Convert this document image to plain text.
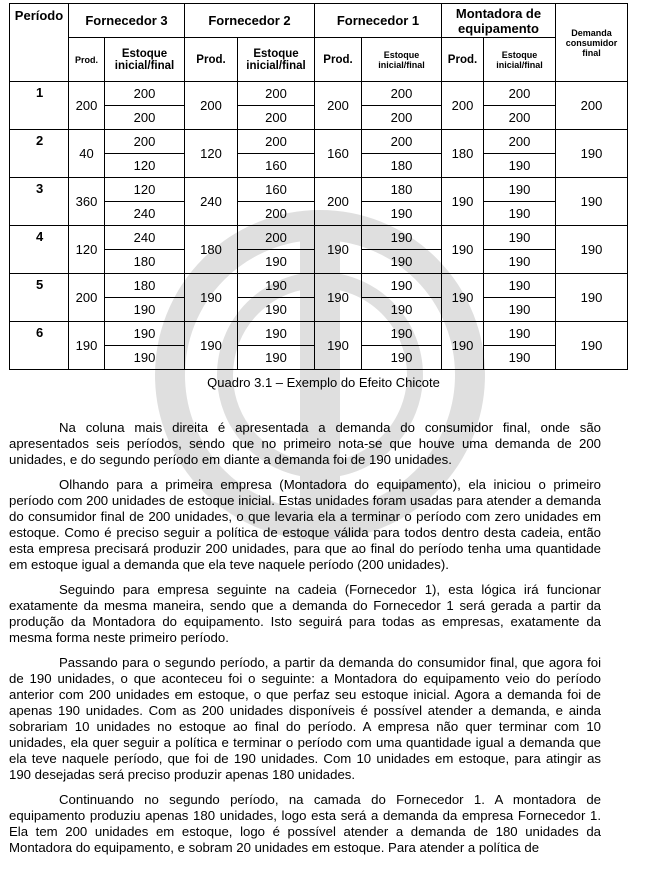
Período	Fornecedor 3		Fornecedor 2		Fornecedor 1		Montadora de equipamento		Demanda consumidor final
	Prod.	Estoque inicial/final	Prod.	Estoque inicial/final	Prod.	Estoque inicial/final	Prod.	Estoque inicial/final	
1	200	200	200	200	200	200	200	200	200
		200		200		200		200	
2	40	200	120	200	160	200	180	200	190
		120		160		180		190	
3	360	120	240	160	200	180	190	190	190
		240		200		190		190	
4	120	240	180	200	190	190	190	190	190
		180		190		190		190	
5	200	180	190	190	190	190	190	190	190
		190		190		190		190	
6	190	190	190	190	190	190	190	190	190
		190		190		190		190	
Quadro 3.1 – Exemplo do Efeito Chicote

Na coluna mais direita é apresentada a demanda do consumidor final, onde são apresentados seis períodos, sendo que no primeiro nota-se que houve uma demanda de 200 unidades, e do segundo período em diante a demanda foi de 190 unidades.

Olhando para a primeira empresa (Montadora do equipamento), ela iniciou o primeiro período com 200 unidades de estoque inicial. Estas unidades foram usadas para atender a demanda do consumidor final de 200 unidades, o que levaria ela a terminar o período com zero unidades em estoque. Como é preciso seguir a política de estoque válida para todos dentro desta cadeia, então esta empresa precisará produzir 200 unidades, para que ao final do período tenha uma quantidade em estoque igual a demanda que ela teve naquele período (200 unidades).

Seguindo para empresa seguinte na cadeia (Fornecedor 1), esta lógica irá funcionar exatamente da mesma maneira, sendo que a demanda do Fornecedor 1 será gerada a partir da produção da Montadora do equipamento. Isto seguirá para todas as empresas, exatamente da mesma forma neste primeiro período.

Passando para o segundo período, a partir da demanda do consumidor final, que agora foi de 190 unidades, o que aconteceu foi o seguinte: a Montadora do equipamento veio do período anterior com 200 unidades em estoque, o que perfaz seu estoque inicial. Agora a demanda foi de apenas 190 unidades. Com as 200 unidades disponíveis é possível atender a demanda, e ainda sobrariam 10 unidades no estoque ao final do período. A empresa não quer terminar com 10 unidades, ela quer seguir a política e terminar o período com uma quantidade igual a demanda que ela teve naquele período, que foi de 190 unidades. Com 10 unidades em estoque, para atingir as 190 desejadas será preciso produzir apenas 180 unidades.

Continuando no segundo período, na camada do Fornecedor 1. A montadora de equipamento produziu apenas 180 unidades, logo esta será a demanda da empresa Fornecedor 1. Ela tem 200 unidades em estoque, logo é possível atender a demanda de 180 unidades da Montadora do equipamento, e sobram 20 unidades em estoque. Para atender a política de
